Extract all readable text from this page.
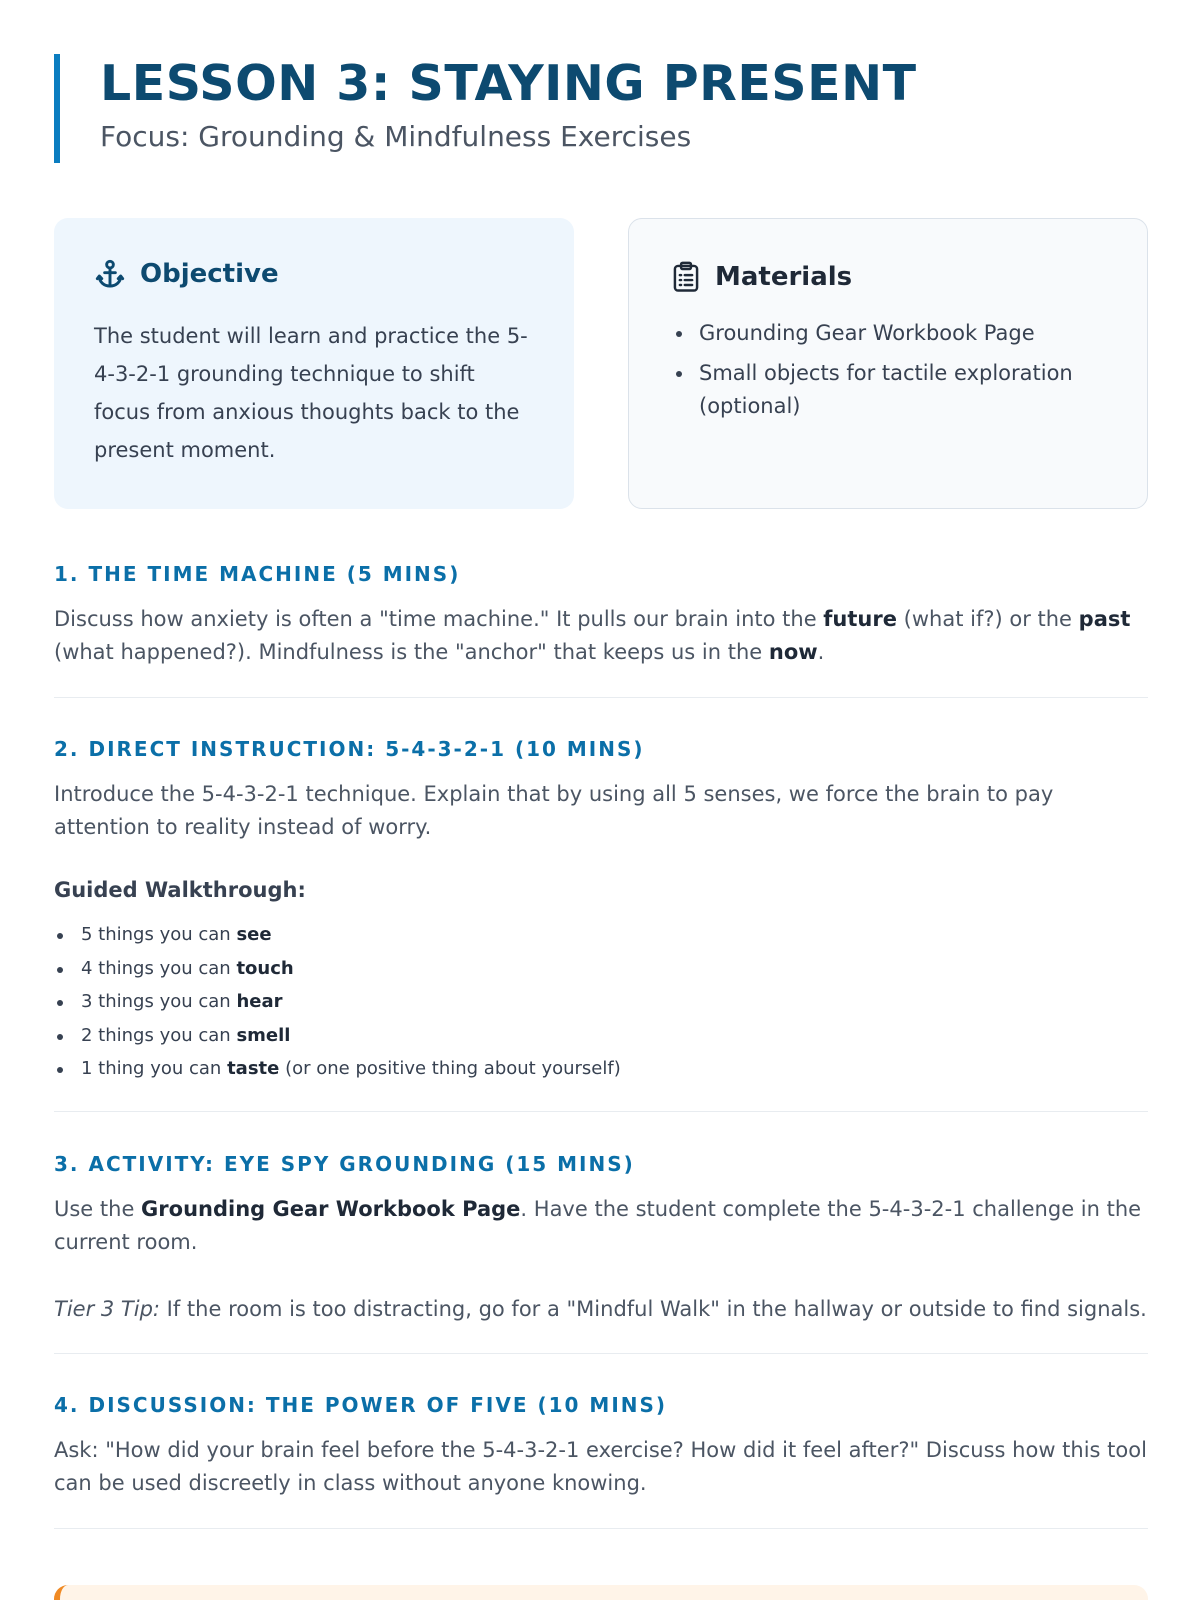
LESSON 3: STAYING PRESENT
Focus: Grounding & Mindfulness Exercises
Objective

The student will learn and practice the 5-4-3-2-1 grounding technique to shift focus from anxious thoughts back to the present moment.

Materials
• Grounding Gear Workbook Page
• Small objects for tactile exploration (optional)
1. THE TIME MACHINE (5 MINS)

Discuss how anxiety is often a "time machine." It pulls our brain into the future (what if?) or the past (what happened?). Mindfulness is the "anchor" that keeps us in the now.

2. DIRECT INSTRUCTION: 5-4-3-2-1 (10 MINS)

Introduce the 5-4-3-2-1 technique. Explain that by using all 5 senses, we force the brain to pay attention to reality instead of worry.

Guided Walkthrough:
5 things you can see
4 things you can touch
3 things you can hear
2 things you can smell
1 thing you can taste (or one positive thing about yourself)
3. ACTIVITY: EYE SPY GROUNDING (15 MINS)

Use the Grounding Gear Workbook Page. Have the student complete the 5-4-3-2-1 challenge in the current room.

Tier 3 Tip: If the room is too distracting, go for a "Mindful Walk" in the hallway or outside to find signals.

4. DISCUSSION: THE POWER OF FIVE (10 MINS)

Ask: "How did your brain feel before the 5-4-3-2-1 exercise? How did it feel after?" Discuss how this tool can be used discreetly in class without anyone knowing.
